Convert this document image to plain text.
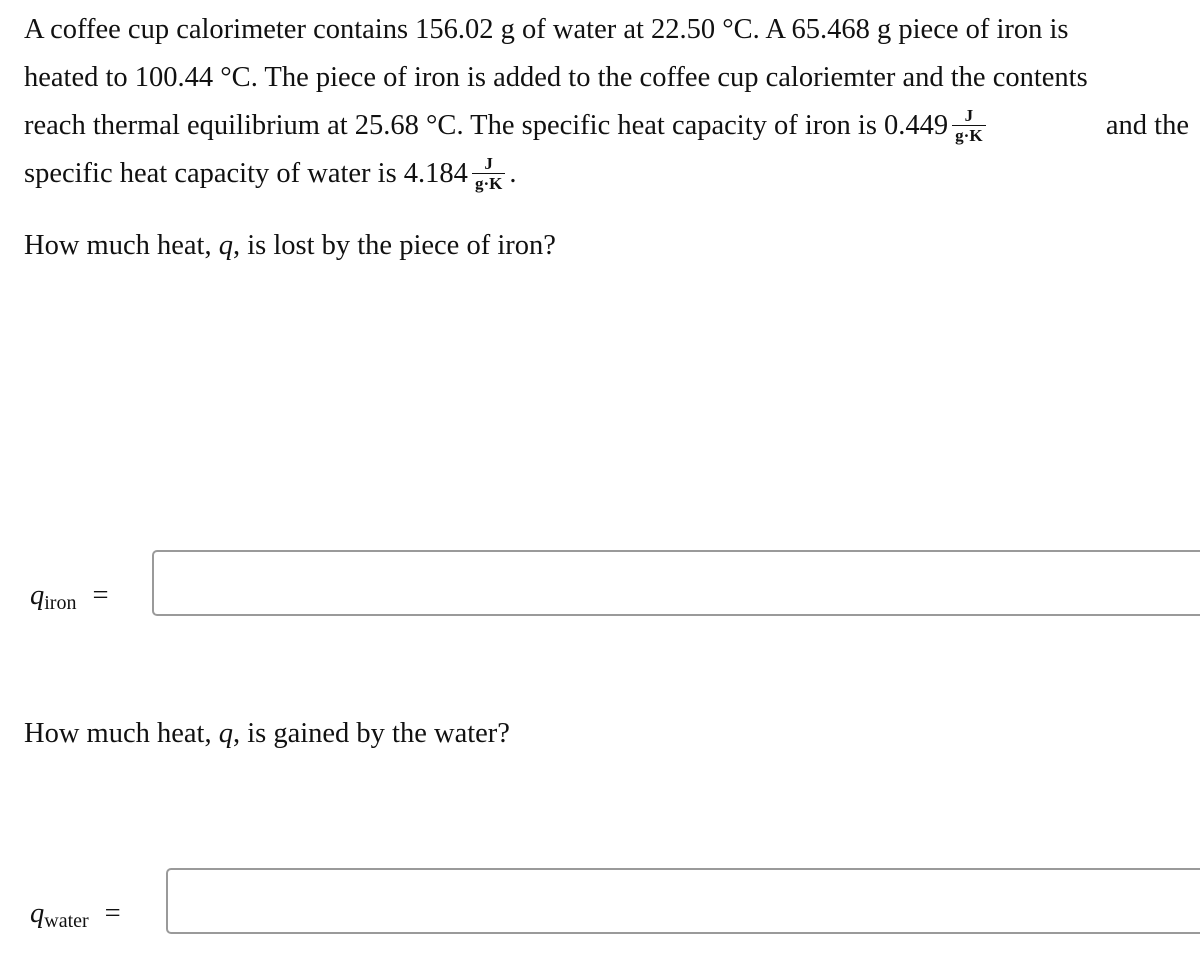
A coffee cup calorimeter contains 156.02 g of water at 22.50 °C. A 65.468 g piece of iron is
heated to 100.44 °C. The piece of iron is added to the coffee cup caloriemter and the contents
reach thermal equilibrium at 25.68 °C. The specific heat capacity of iron is $0.449 \frac{J}{g\cdot K}$	and the
specific heat capacity of water is $4.184 \frac{J}{g\cdot K}$ .
How much heat, q, is lost by the piece of iron?
$q_{iron}$ =
How much heat, q, is gained by the water?
$q_{water}$ =
